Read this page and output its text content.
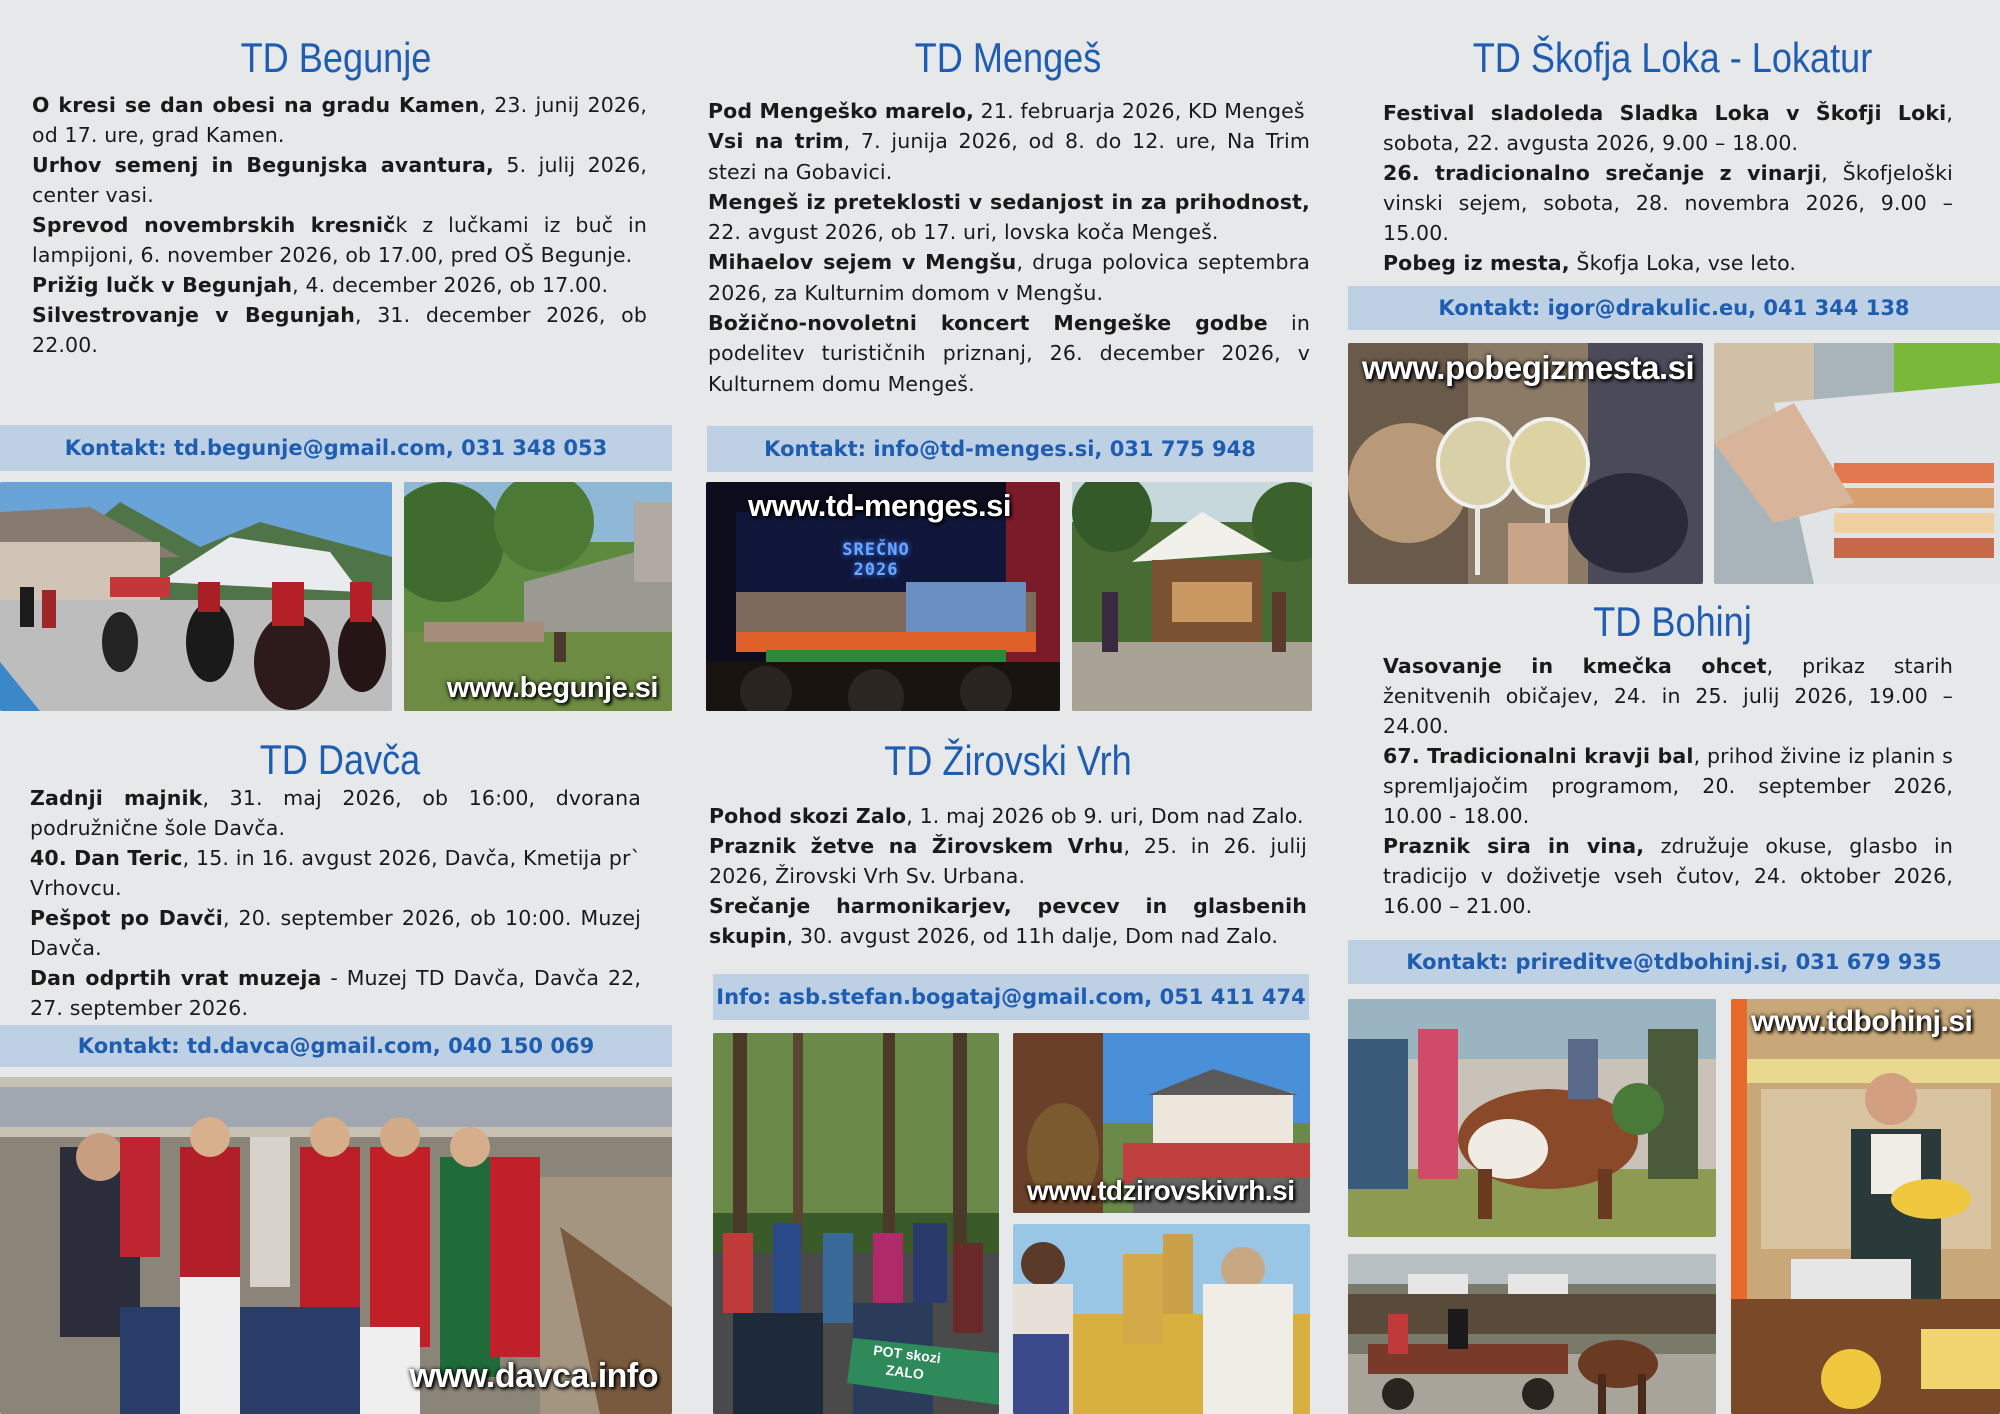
TD Begunje

O kresi se dan obesi na gradu Kamen, 23. junij 2026, od 17. ure, grad Kamen.

Urhov semenj in Begunjska avantura, 5. julij 2026, center vasi.

Sprevod novembrskih kresničk z lučkami iz buč in lampijoni, 6. november 2026, ob 17.00, pred OŠ Begunje.

Prižig lučk v Begunjah, 4. december 2026, ob 17.00.

Silvestrovanje v Begunjah, 31. december 2026, ob 22.00.

Kontakt: td.begunje@gmail.com, 031 348 053
www.begunje.si
TD Davča

Zadnji majnik, 31. maj 2026, ob 16:00, dvorana podružnične šole Davča.

40. Dan Teric, 15. in 16. avgust 2026, Davča, Kmetija pr` Vrhovcu.

Peš​pot po Davči, 20. september 2026, ob 10:00. Muzej Davča.

Dan odprtih vrat muzeja - Muzej TD Davča, Davča 22, 27. september 2026.

Kontakt: td.davca@gmail.com, 040 150 069
www.davca.info
TD Mengeš

Pod Mengeško marelo, 21. februarja 2026, KD Mengeš

Vsi na trim, 7. junija 2026, od 8. do 12. ure, Na Trim stezi na Gobavici.

Mengeš iz preteklosti v sedanjost in za prihodnost, 22. avgust 2026, ob 17. uri, lovska koča Mengeš.

Mihaelov sejem v Mengšu, druga polovica septembra 2026, za Kulturnim domom v Mengšu.

Božično-novoletni koncert Mengeške godbe in podelitev turističnih priznanj, 26. december 2026, v Kulturnem domu Mengeš.

Kontakt: info@td-menges.si, 031 775 948
SREČNO 2026
www.td-menges.si
TD Žirovski Vrh

Pohod skozi Zalo, 1. maj 2026 ob 9. uri, Dom nad Zalo.

Praznik žetve na Žirovskem Vrhu, 25. in 26. julij 2026, Žirovski Vrh Sv. Urbana.

Srečanje harmonikarjev, pevcev in glasbenih skupin, 30. avgust 2026, od 11h dalje, Dom nad Zalo.

Info: asb.stefan.bogataj@gmail.com, 051 411 474
POT skozi ZALO
www.tdzirovskivrh.si
TD Škofja Loka - Lokatur

Festival sladoleda Sladka Loka v Škofji Loki, sobota, 22. avgusta 2026, 9.00 – 18.00.

26. tradicionalno srečanje z vinarji, Škofjeloški vinski sejem, sobota, 28. novembra 2026, 9.00 – 15.00.

Pobeg iz mesta, Škofja Loka, vse leto.

Kontakt: igor@drakulic.eu, 041 344 138
www.pobegizmesta.si
TD Bohinj

Vasovanje in kmečka ohcet, prikaz starih ženitvenih običajev, 24. in 25. julij 2026, 19.00 – 24.00.

67. Tradicionalni kravji bal, prihod živine iz planin s spremljajočim programom, 20. september 2026, 10.00 - 18.00.

Praznik sira in vina, združuje okuse, glasbo in tradicijo v doživetje vseh čutov, 24. oktober 2026, 16.00 – 21.00.

Kontakt: prireditve@tdbohinj.si, 031 679 935
www.tdbohinj.si
